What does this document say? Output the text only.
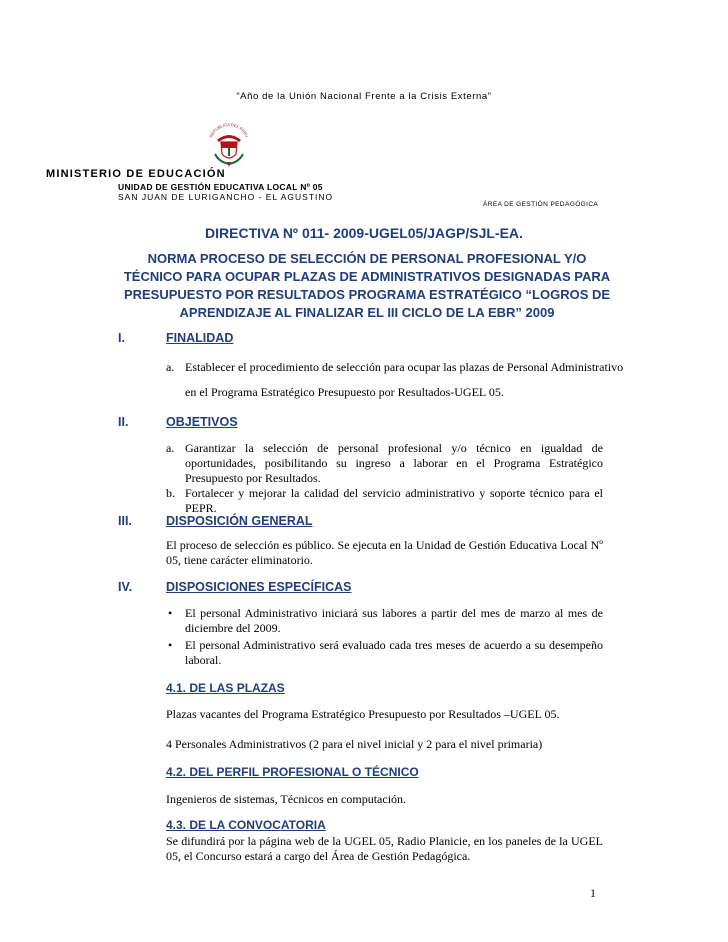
“Año de la Unión Nacional Frente a la Crisis Externa”
REPUBLICA DEL PERU
MINISTERIO DE EDUCACIÓN
UNIDAD DE GESTIÓN EDUCATIVA LOCAL Nº 05
SAN JUAN DE LURIGANCHO - EL AGUSTINO
ÁREA DE GESTIÓN PEDAGÓGICA
DIRECTIVA Nº 011- 2009-UGEL05/JAGP/SJL-EA.
NORMA PROCESO DE SELECCIÓN DE PERSONAL PROFESIONAL Y/O TÉCNICO PARA OCUPAR PLAZAS DE ADMINISTRATIVOS DESIGNADAS PARA PRESUPUESTO POR RESULTADOS PROGRAMA ESTRATÉGICO “LOGROS DE APRENDIZAJE AL FINALIZAR EL III CICLO DE LA EBR” 2009
I.	FINALIDAD
a. Establecer el procedimiento de selección para ocupar las plazas de Personal Administrativo
en el Programa Estratégico Presupuesto por Resultados-UGEL 05.
II.	OBJETIVOS
a. Garantizar la selección de personal profesional y/o técnico en igualdad de oportunidades, posibilitando su ingreso a laborar en el Programa Estratégico Presupuesto por Resultados.
b. Fortalecer y mejorar la calidad del servicio administrativo y soporte técnico para el PEPR.
III.	DISPOSICIÓN GENERAL
El proceso de selección es público. Se ejecuta en la Unidad de Gestión Educativa Local Nº 05, tiene carácter eliminatorio.
IV.	DISPOSICIONES ESPECÍFICAS
• El personal Administrativo iniciará sus labores a partir del mes de marzo al mes de diciembre del 2009.
• El personal Administrativo será evaluado cada tres meses de acuerdo a su desempeño laboral.
4.1. DE LAS PLAZAS
Plazas vacantes del Programa Estratégico Presupuesto por Resultados –UGEL 05.
4 Personales Administrativos (2 para el nivel inicial y 2 para el nivel primaria)
4.2. DEL PERFIL PROFESIONAL O TÉCNICO
Ingenieros de sistemas, Técnicos en computación.
4.3. DE LA CONVOCATORIA
Se difundirá por la página web de la UGEL 05, Radio Planicie, en los paneles de la UGEL 05, el Concurso estará a cargo del Área de Gestión Pedagógica.
1
